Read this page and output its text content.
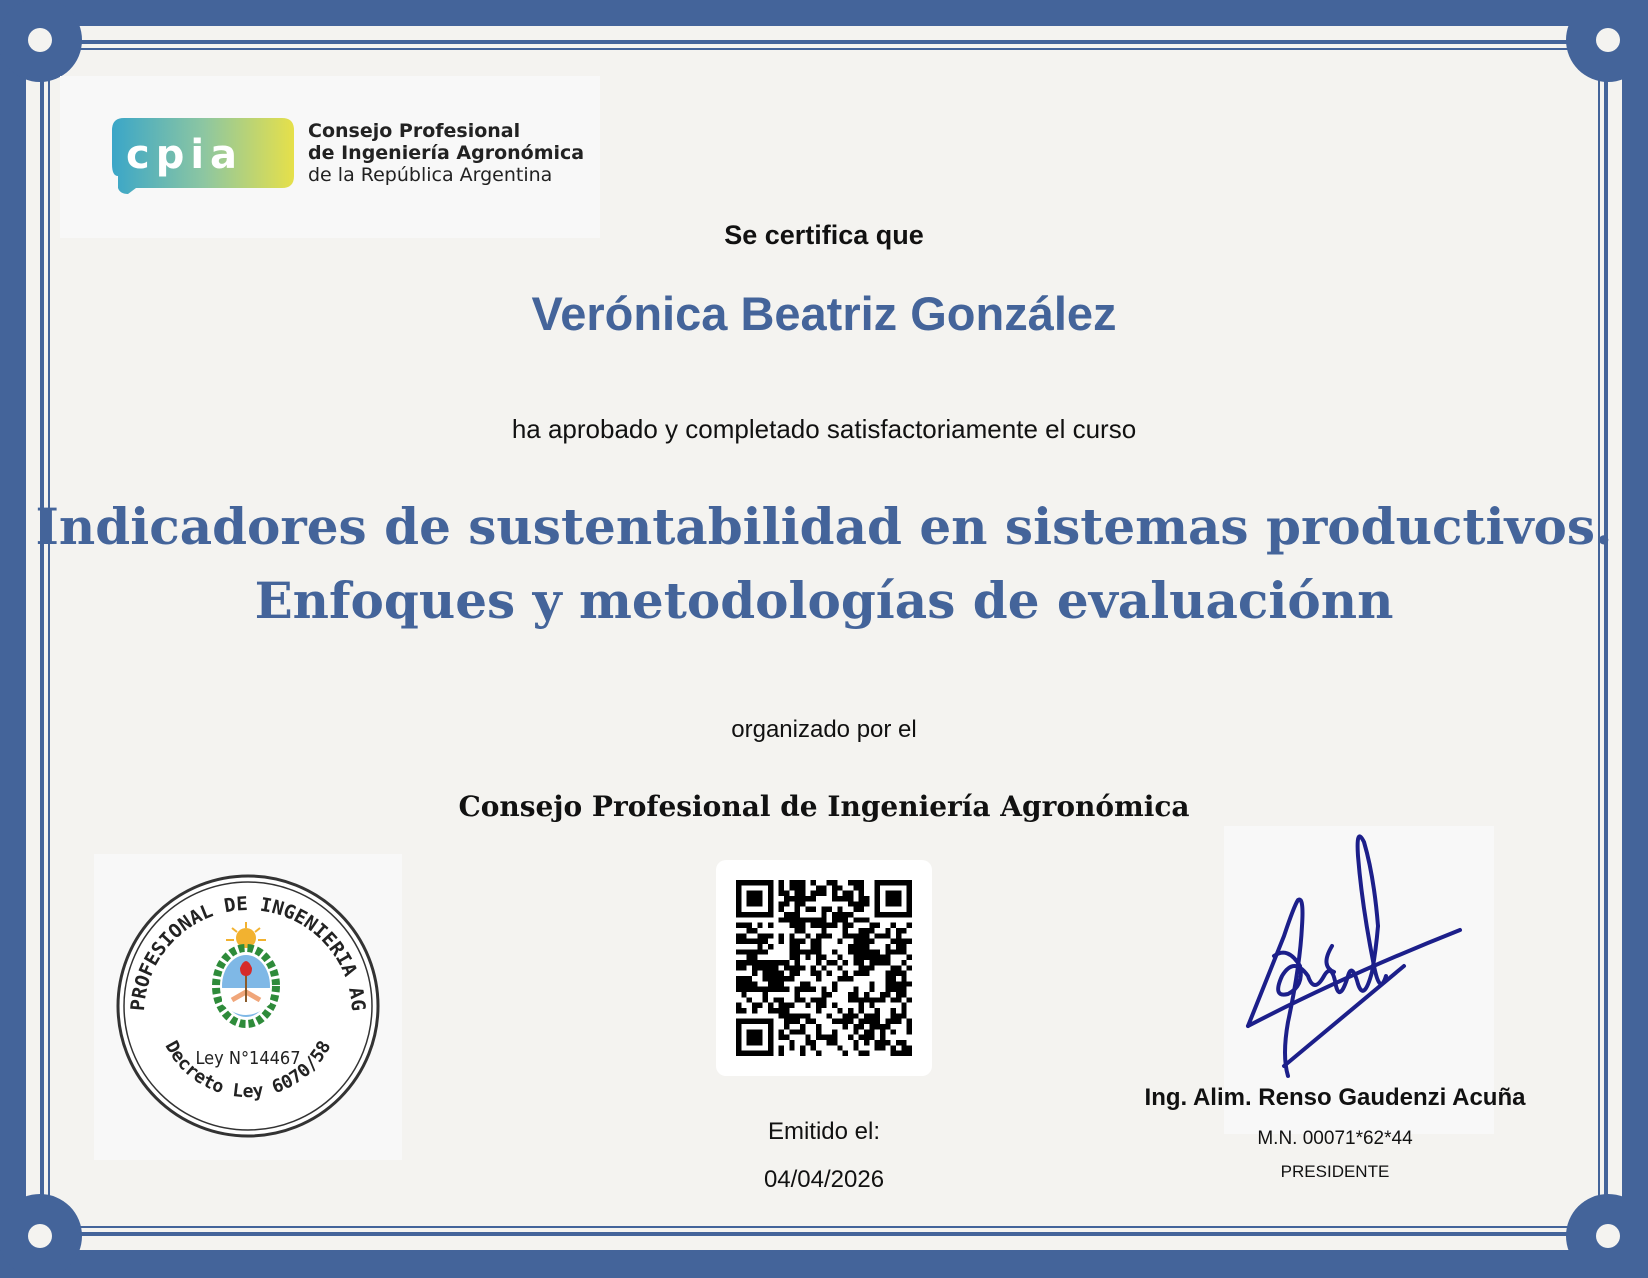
cpia
Consejo Profesional
de Ingeniería Agronómica
de la República Argentina
Se certifica que
Verónica Beatriz González
ha aprobado y completado satisfactoriamente el curso
Indicadores de sustentabilidad en sistemas productivos.
Enfoques y metodologías de evaluaciónn
organizado por el
Consejo Profesional de Ingeniería Agronómica
PROFESIONAL DE INGENIERIA AG
Decreto Ley 6070/58
Ley N°14467
Emitido el:
04/04/2026
Ing. Alim. Renso Gaudenzi Acuña
M.N. 00071*62*44
PRESIDENTE
